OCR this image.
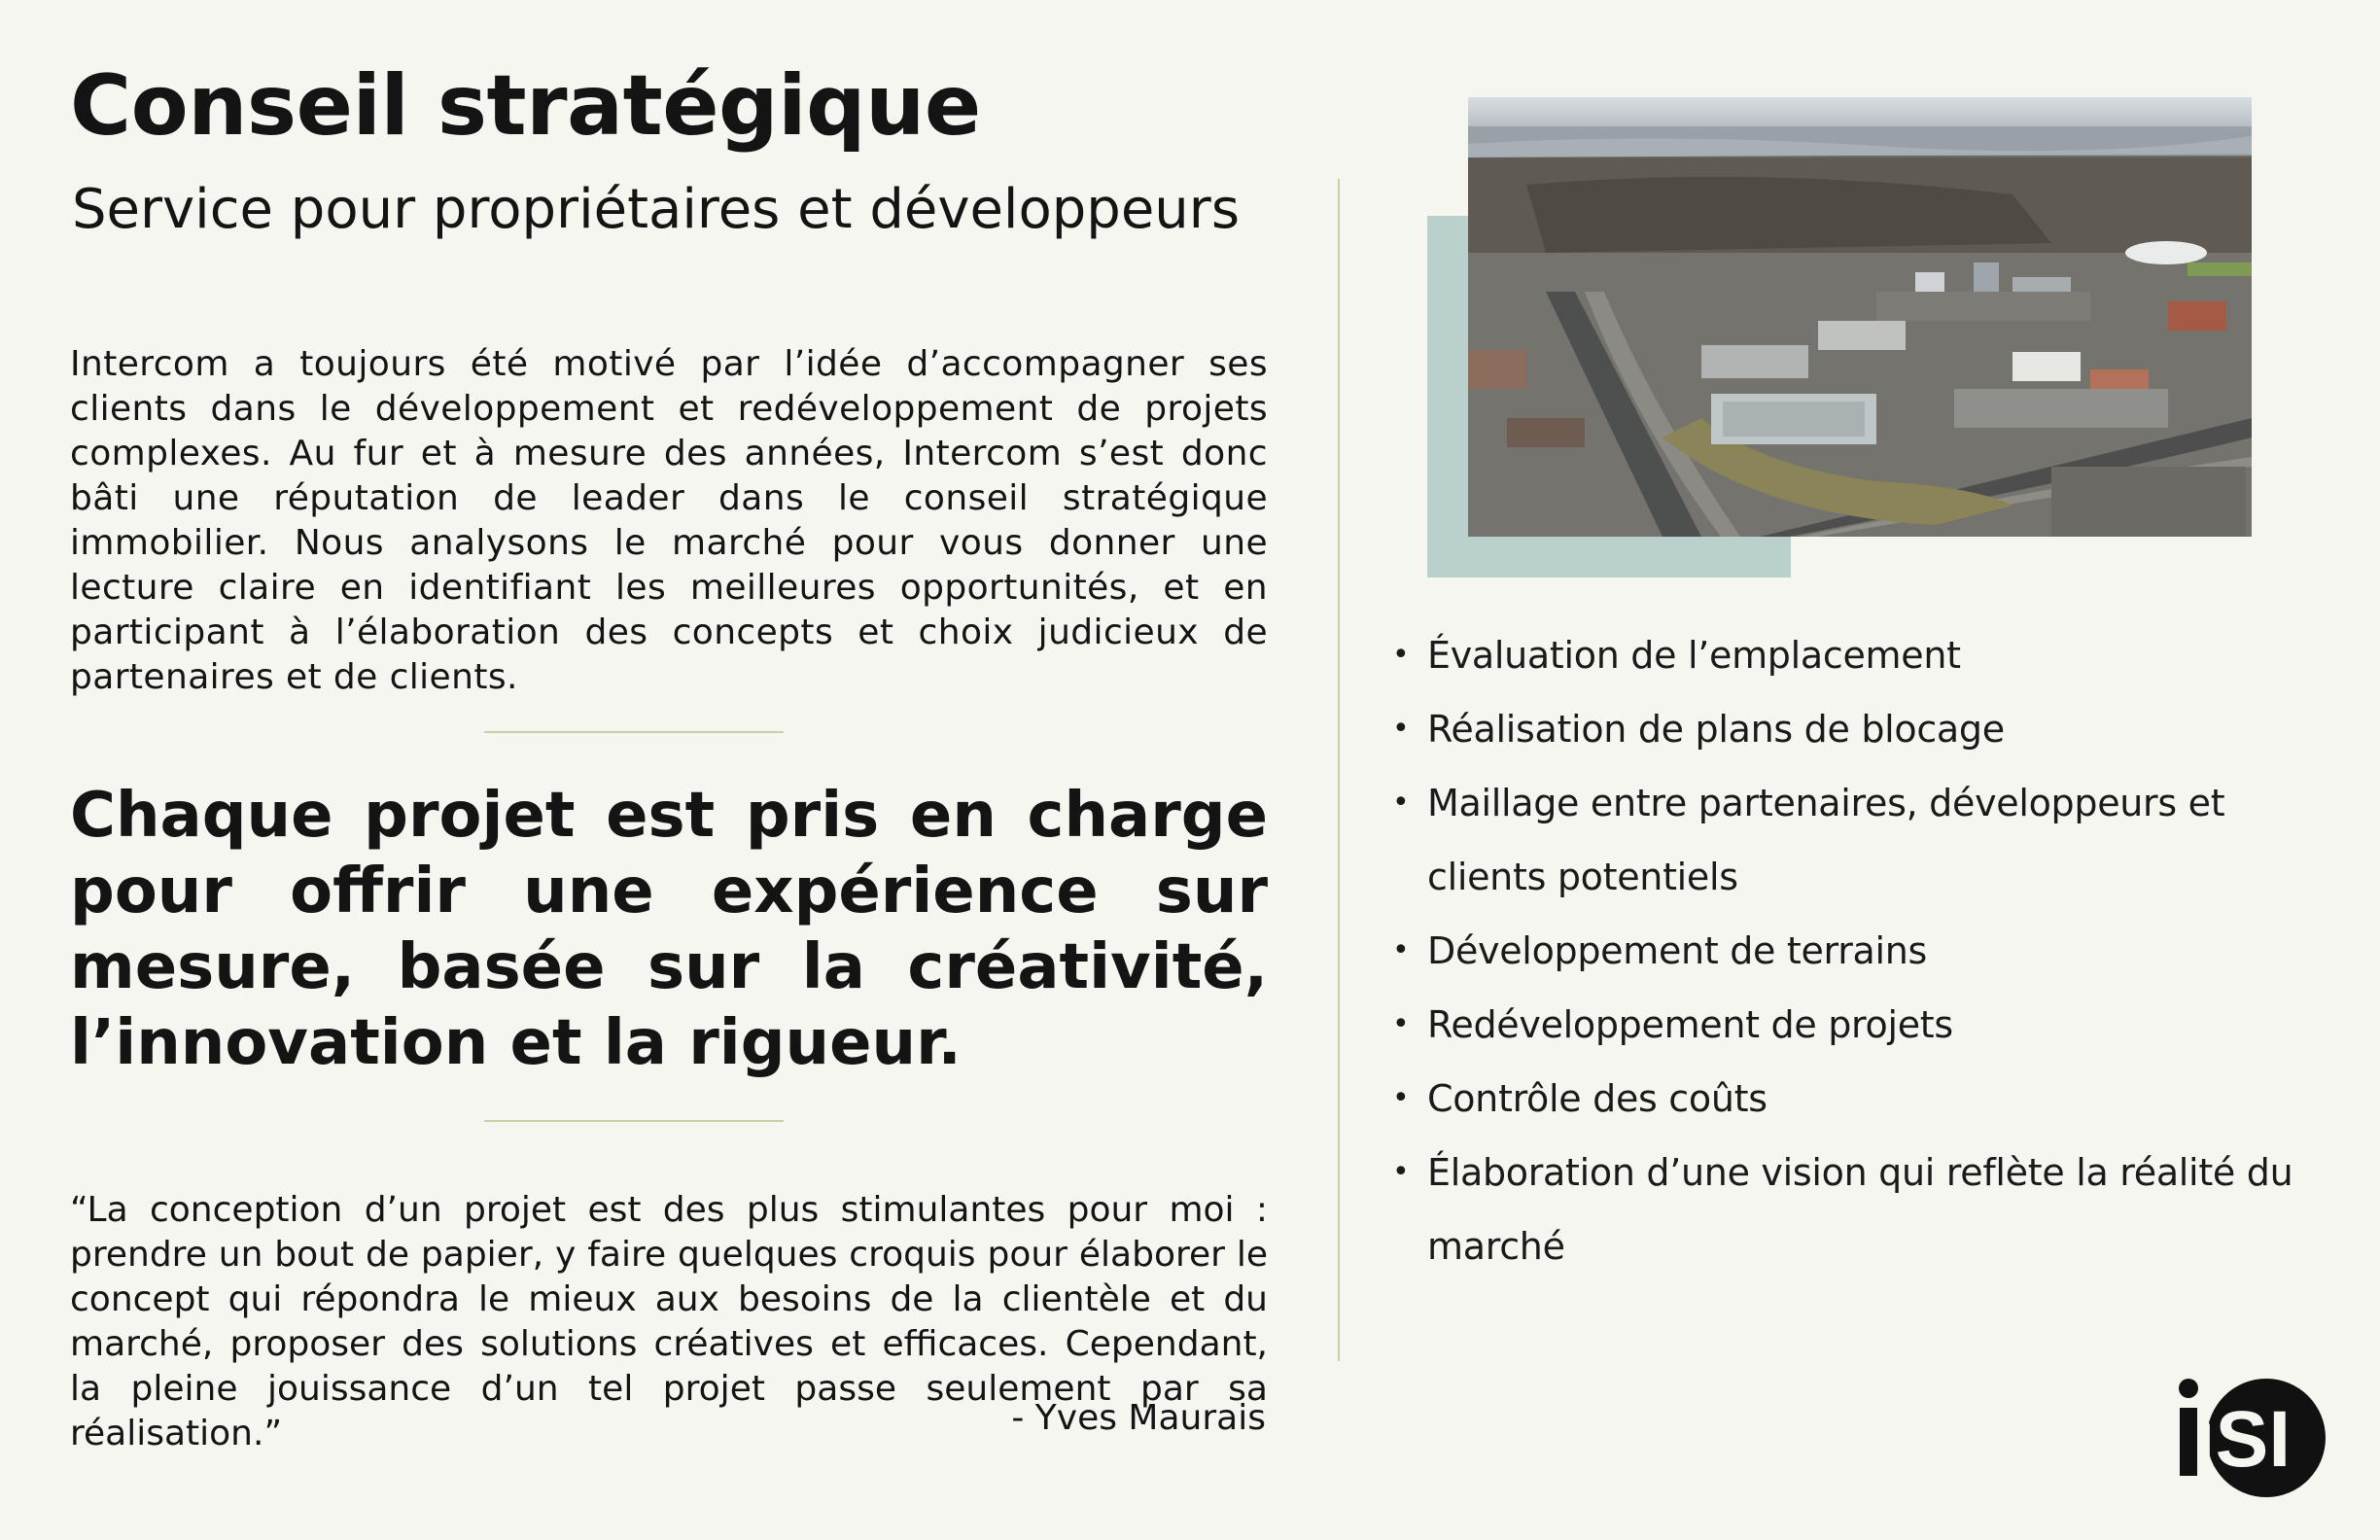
Conseil stratégique
Service pour propriétaires et développeurs

Intercom a toujours été motivé par l’idée d’accompagner ses clients dans le développement et redéveloppement de projets complexes. Au fur et à mesure des années, Intercom s’est donc bâti une réputation de leader dans le conseil stratégique immobilier. Nous analysons le marché pour vous donner une lecture claire en identifiant les meilleures opportunités, et en participant à l’élaboration des concepts et choix judicieux de partenaires et de clients.

Chaque projet est pris en charge pour offrir une expérience sur mesure, basée sur la créativité, l’innovation et la rigueur.

“La conception d’un projet est des plus stimulantes pour moi : prendre un bout de papier, y faire quelques croquis pour élaborer le concept qui répondra le mieux aux besoins de la clientèle et du marché, proposer des solutions créatives et efficaces. Cependant, la pleine jouissance d’un tel projet passe seulement par sa réalisation.”	- Yves Maurais

• Évaluation de l’emplacement
• Réalisation de plans de blocage
• Maillage entre partenaires, développeurs et clients potentiels
• Développement de terrains
• Redéveloppement de projets
• Contrôle des coûts
• Élaboration d’une vision qui reflète la réalité du marché
iSI
